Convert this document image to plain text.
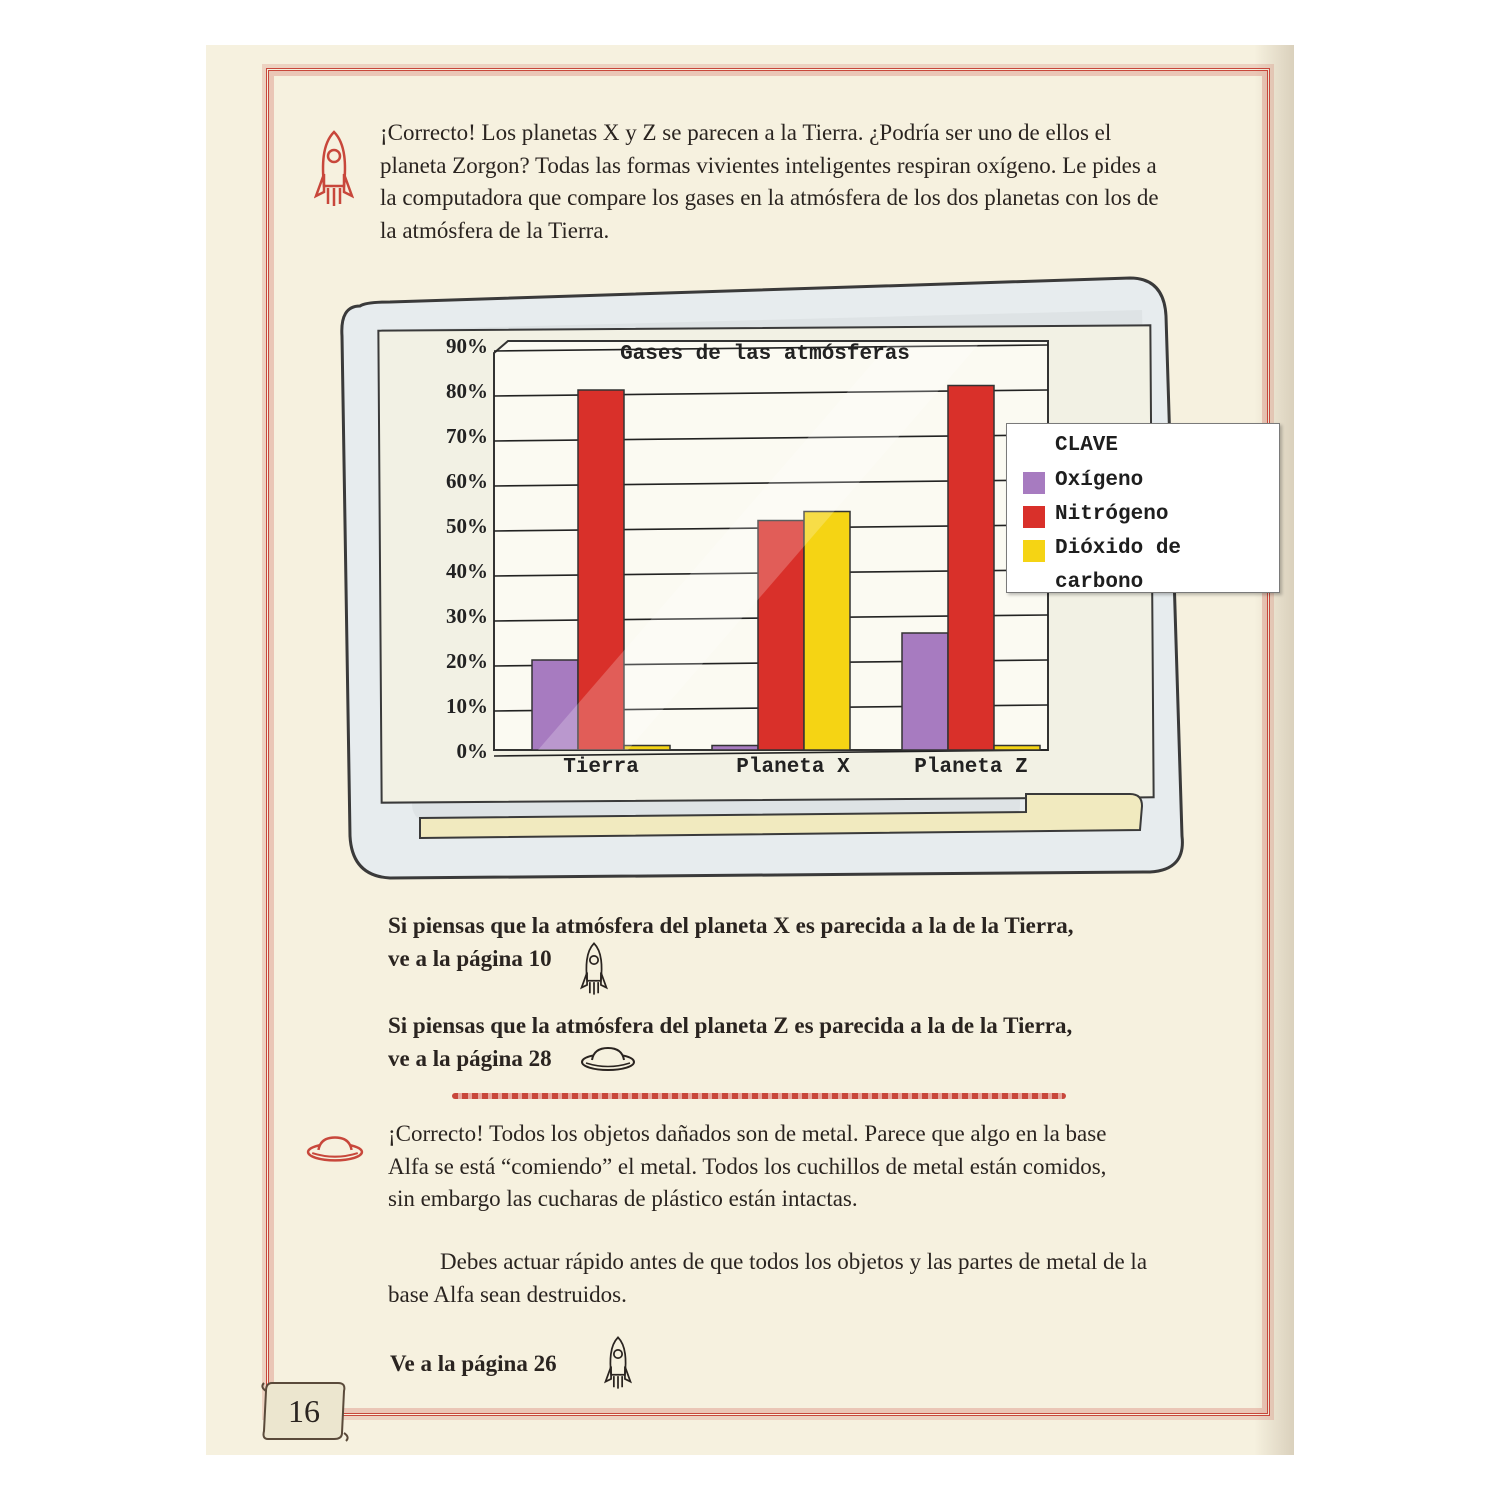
¡Correcto! Los planetas X y Z se parecen a la Tierra. ¿Podría ser uno de ellos el planeta Zorgon? Todas las formas vivientes inteligentes respiran oxígeno. Le pides a la computadora que compare los gases en la atmósfera de los dos planetas con los de la atmósfera de la Tierra.
0%
10%
20%
30%
40%
50%
60%
70%
80%
90%	Gases de las atmósferas
Tierra	Planeta X	Planeta Z
CLAVE
Oxígeno
Nitrógeno
Dióxido de
carbono
Si piensas que la atmósfera del planeta X es parecida a la de la Tierra,
ve a la página 10
Si piensas que la atmósfera del planeta Z es parecida a la de la Tierra,
ve a la página 28
¡Correcto! Todos los objetos dañados son de metal. Parece que algo en la base Alfa se está “comiendo” el metal. Todos los cuchillos de metal están comidos, sin embargo las cucharas de plástico están intactas.
Debes actuar rápido antes de que todos los objetos y las partes de metal de la base Alfa sean destruidos.
Ve a la página 26
16
